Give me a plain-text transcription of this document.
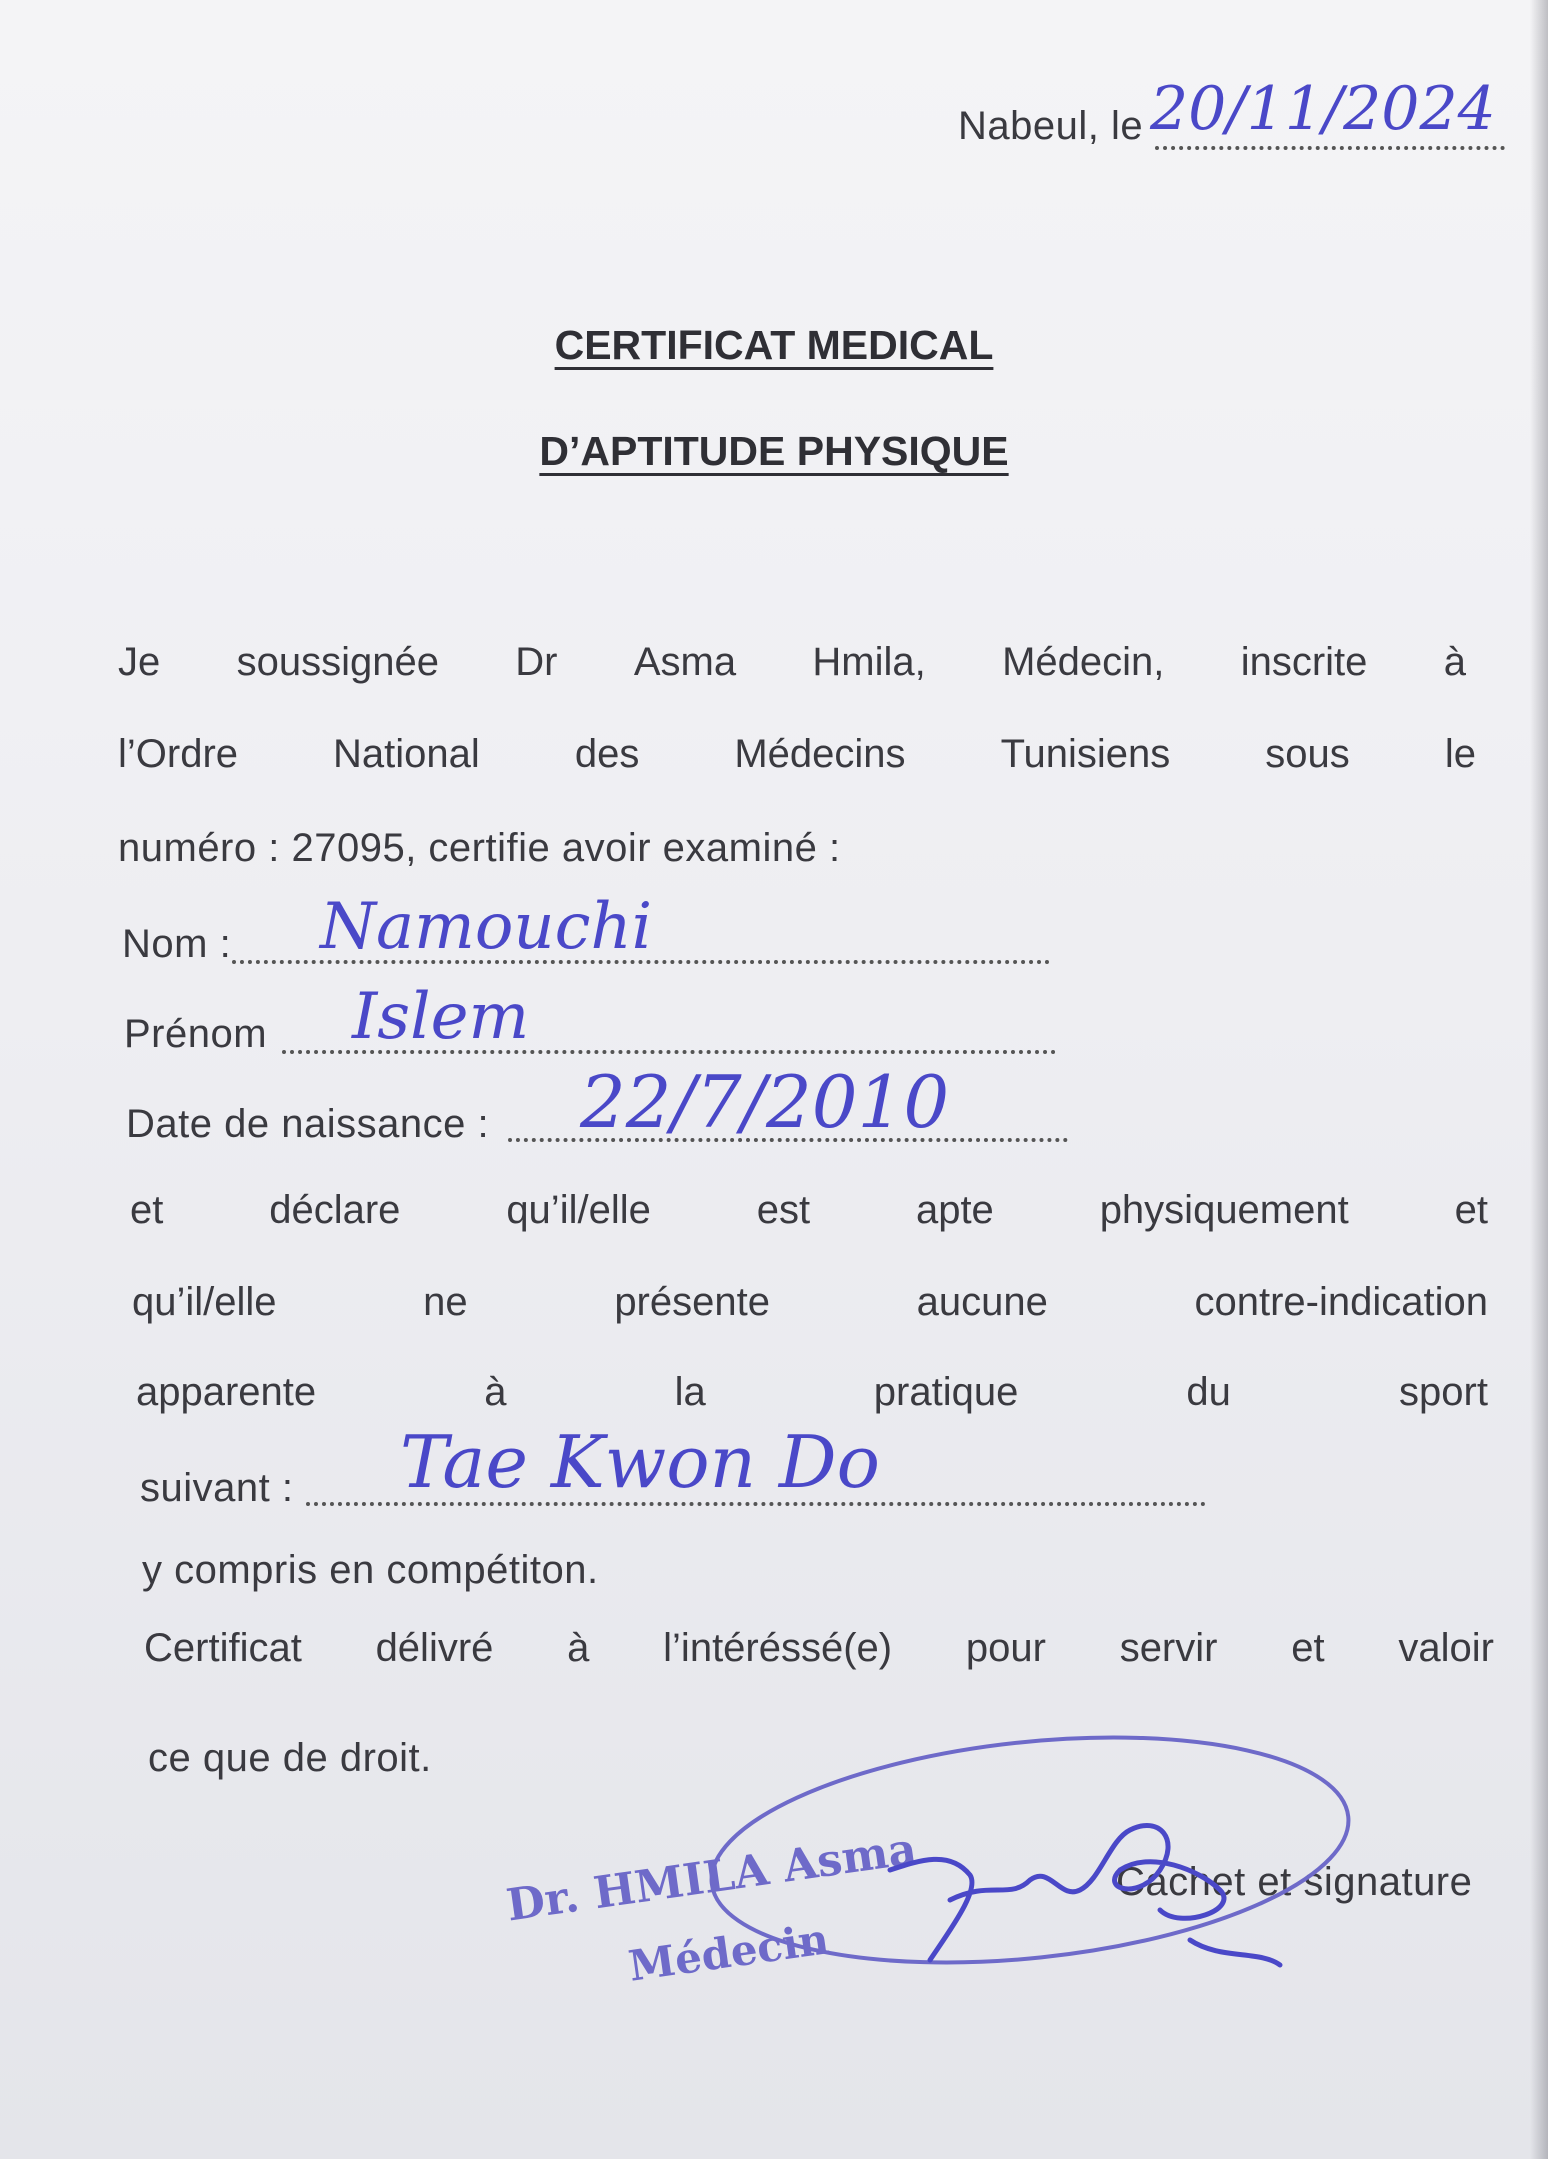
Nabeul, le 20/11/2024
CERTIFICAT MEDICAL
D’APTITUDE PHYSIQUE
Je soussignée Dr Asma Hmila, Médecin, inscrite à
l’Ordre National des Médecins Tunisiens sous le
numéro : 27095, certifie avoir examiné :
Nom : Namouchi
Prénom Islem
Date de naissance : 22/7/2010
et	déclare	qu’il/elle	est	apte	physiquement	et
qu’il/elle	ne	présente	aucune	contre-indication
apparente	à	la	pratique	du	sport
suivant : Tae Kwon Do
y compris en compétiton.
Certificat délivré à l’intéréssé(e) pour servir et valoir
ce que de droit.
Cachet et signature
Dr. HMILA Asma
Médecin
